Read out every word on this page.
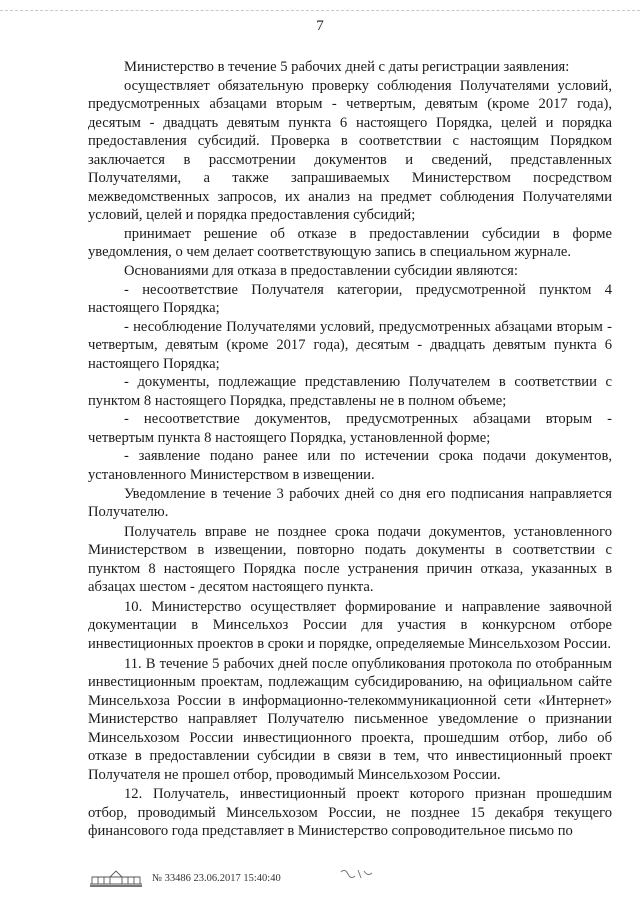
7

Министерство в течение 5 рабочих дней с даты регистрации заявления:

осуществляет обязательную проверку соблюдения Получателями условий, предусмотренных абзацами вторым - четвертым, девятым (кроме 2017 года), десятым - двадцать девятым пункта 6 настоящего Порядка, целей и порядка предоставления субсидий. Проверка в соответствии с настоящим Порядком заключается в рассмотрении документов и сведений, представленных Получателями, а также запрашиваемых Министерством посредством межведомственных запросов, их анализ на предмет соблюдения Получателями условий, целей и порядка предоставления субсидий;

принимает решение об отказе в предоставлении субсидии в форме уведомления, о чем делает соответствующую запись в специальном журнале.

Основаниями для отказа в предоставлении субсидии являются:

- несоответствие Получателя категории, предусмотренной пунктом 4 настоящего Порядка;

- несоблюдение Получателями условий, предусмотренных абзацами вторым - четвертым, девятым (кроме 2017 года), десятым - двадцать девятым пункта 6 настоящего Порядка;

- документы, подлежащие представлению Получателем в соответствии с пунктом 8 настоящего Порядка, представлены не в полном объеме;

- несоответствие документов, предусмотренных абзацами вторым - четвертым пункта 8 настоящего Порядка, установленной форме;

- заявление подано ранее или по истечении срока подачи документов, установленного Министерством в извещении.

Уведомление в течение 3 рабочих дней со дня его подписания направляется Получателю.

Получатель вправе не позднее срока подачи документов, установленного Министерством в извещении, повторно подать документы в соответствии с пунктом 8 настоящего Порядка после устранения причин отказа, указанных в абзацах шестом - десятом настоящего пункта.

10. Министерство осуществляет формирование и направление заявочной документации в Минсельхоз России для участия в конкурсном отборе инвестиционных проектов в сроки и порядке, определяемые Минсельхозом России.

11. В течение 5 рабочих дней после опубликования протокола по отобранным инвестиционным проектам, подлежащим субсидированию, на официальном сайте Минсельхоза России в информационно-телекоммуникационной сети «Интернет» Министерство направляет Получателю письменное уведомление о признании Минсельхозом России инвестиционного проекта, прошедшим отбор, либо об отказе в предоставлении субсидии в связи в тем, что инвестиционный проект Получателя не прошел отбор, проводимый Минсельхозом России.

12. Получатель, инвестиционный проект которого признан прошедшим отбор, проводимый Минсельхозом России, не позднее 15 декабря текущего финансового года представляет в Министерство сопроводительное письмо по

№ 33486 23.06.2017 15:40:40
